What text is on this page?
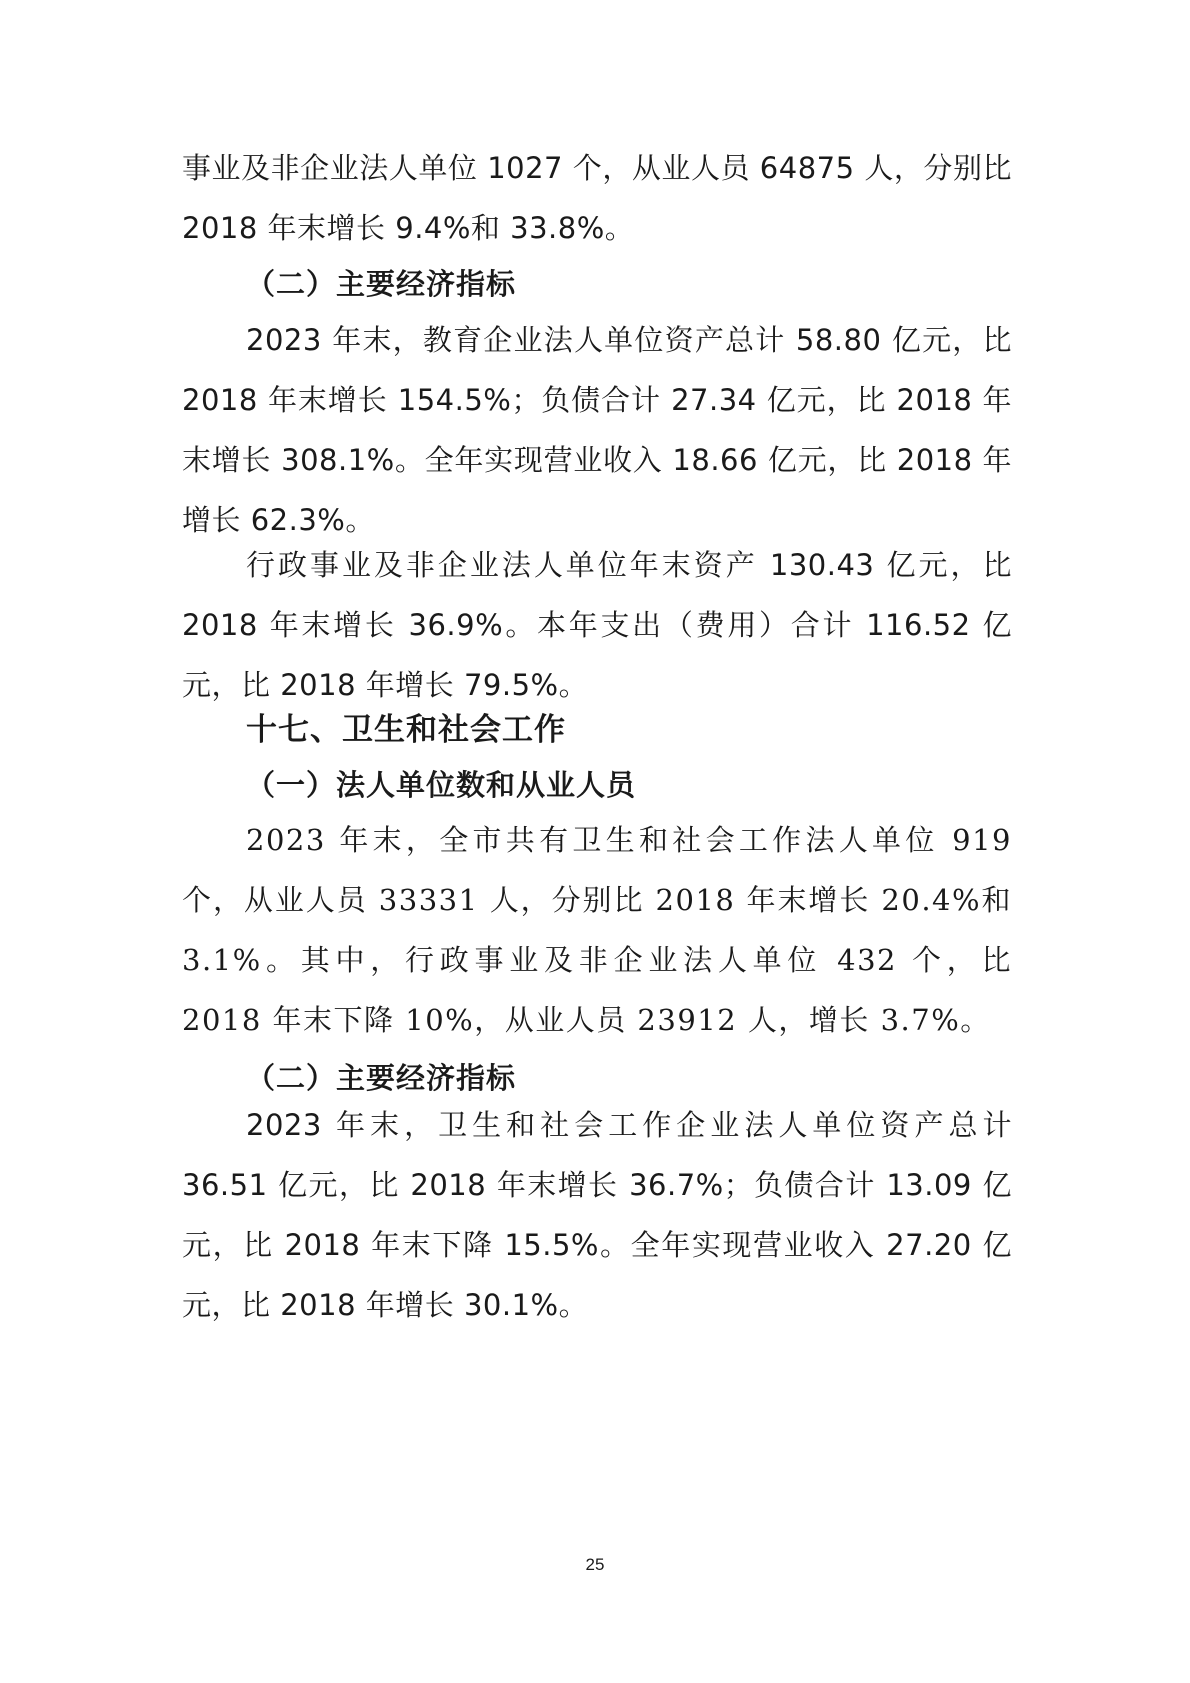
事业及非企业法人单位 1027 个，从业人员 64875 人，分别比 2018 年末增长 9.4%和 33.8%。

（二）主要经济指标

2023 年末，教育企业法人单位资产总计 58.80 亿元，比 2018 年末增长 154.5%；负债合计 27.34 亿元，比 2018 年末增长 308.1%。全年实现营业收入 18.66 亿元，比 2018 年增长 62.3%。

行政事业及非企业法人单位年末资产 130.43 亿元，比 2018 年末增长 36.9%。本年支出（费用）合计 116.52 亿元，比 2018 年增长 79.5%。

十七、卫生和社会工作

（一）法人单位数和从业人员

2023 年末，全市共有卫生和社会工作法人单位 919 个，从业人员 33331 人，分别比 2018 年末增长 20.4%和 3.1%。其中，行政事业及非企业法人单位 432 个，比 2018 年末下降 10%，从业人员 23912 人，增长 3.7%。

（二）主要经济指标

2023 年末，卫生和社会工作企业法人单位资产总计 36.51 亿元，比 2018 年末增长 36.7%；负债合计 13.09 亿元，比 2018 年末下降 15.5%。全年实现营业收入 27.20 亿元，比 2018 年增长 30.1%。

25
